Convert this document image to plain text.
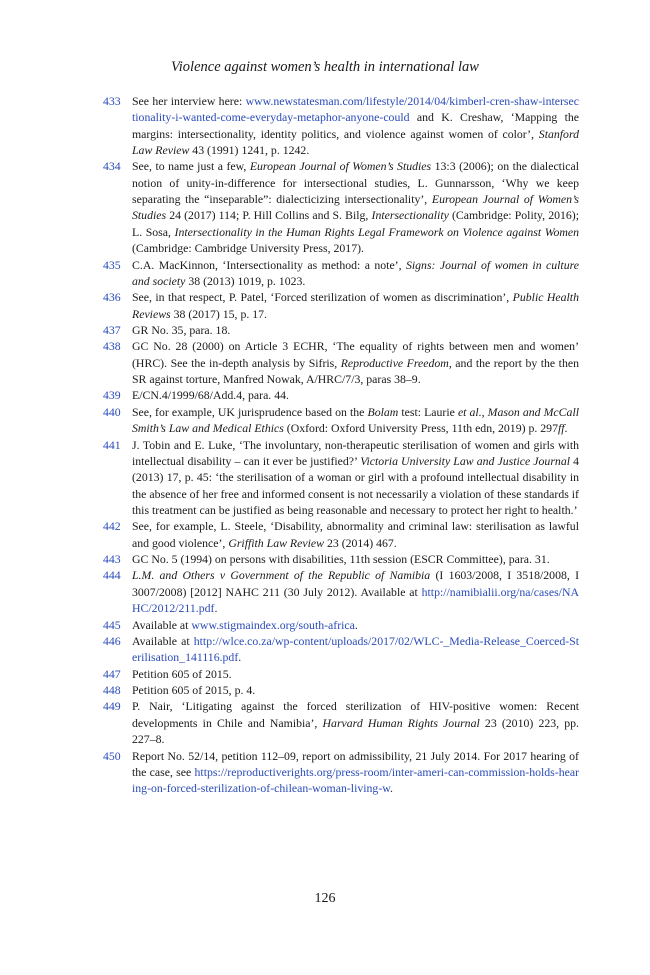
Violence against women’s health in international law
433 See her interview here: www.newstatesman.com/lifestyle/2014/04/kimberl-cren-shaw-intersectionality-i-wanted-come-everyday-metaphor-anyone-could and K. Creshaw, ‘Mapping the margins: intersectionality, identity politics, and violence against women of color’, Stanford Law Review 43 (1991) 1241, p. 1242.
434 See, to name just a few, European Journal of Women’s Studies 13:3 (2006); on the dialectical notion of unity-in-difference for intersectional studies, L. Gunnarsson, ‘Why we keep separating the “inseparable”: dialecticizing intersectionality’, European Journal of Women’s Studies 24 (2017) 114; P. Hill Collins and S. Bilg, Intersectionality (Cambridge: Polity, 2016); L. Sosa, Intersectionality in the Human Rights Legal Framework on Violence against Women (Cambridge: Cambridge University Press, 2017).
435 C.A. MacKinnon, ‘Intersectionality as method: a note’, Signs: Journal of women in culture and society 38 (2013) 1019, p. 1023.
436 See, in that respect, P. Patel, ‘Forced sterilization of women as discrimination’, Public Health Reviews 38 (2017) 15, p. 17.
437 GR No. 35, para. 18.
438 GC No. 28 (2000) on Article 3 ECHR, ‘The equality of rights between men and women’ (HRC). See the in-depth analysis by Sifris, Reproductive Freedom, and the report by the then SR against torture, Manfred Nowak, A/HRC/7/3, paras 38–9.
439 E/CN.4/1999/68/Add.4, para. 44.
440 See, for example, UK jurisprudence based on the Bolam test: Laurie et al., Mason and McCall Smith’s Law and Medical Ethics (Oxford: Oxford University Press, 11th edn, 2019) p. 297ff.
441 J. Tobin and E. Luke, ‘The involuntary, non-therapeutic sterilisation of women and girls with intellectual disability – can it ever be justified?’ Victoria University Law and Justice Journal 4 (2013) 17, p. 45: ‘the sterilisation of a woman or girl with a profound intellectual disability in the absence of her free and informed consent is not necessarily a violation of these standards if this treatment can be justified as being reasonable and necessary to protect her right to health.’
442 See, for example, L. Steele, ‘Disability, abnormality and criminal law: sterilisation as lawful and good violence’, Griffith Law Review 23 (2014) 467.
443 GC No. 5 (1994) on persons with disabilities, 11th session (ESCR Committee), para. 31.
444 L.M. and Others v Government of the Republic of Namibia (I 1603/2008, I 3518/2008, I 3007/2008) [2012] NAHC 211 (30 July 2012). Available at http://namibialii.org/na/cases/NAHC/2012/211.pdf.
445 Available at www.stigmaindex.org/south-africa.
446 Available at http://wlce.co.za/wp-content/uploads/2017/02/WLC-_Media-Release_Coerced-Sterilisation_141116.pdf.
447 Petition 605 of 2015.
448 Petition 605 of 2015, p. 4.
449 P. Nair, ‘Litigating against the forced sterilization of HIV-positive women: Recent developments in Chile and Namibia’, Harvard Human Rights Journal 23 (2010) 223, pp. 227–8.
450 Report No. 52/14, petition 112–09, report on admissibility, 21 July 2014. For 2017 hearing of the case, see https://reproductiverights.org/press-room/inter-ameri-can-commission-holds-hearing-on-forced-sterilization-of-chilean-woman-living-w.
126
